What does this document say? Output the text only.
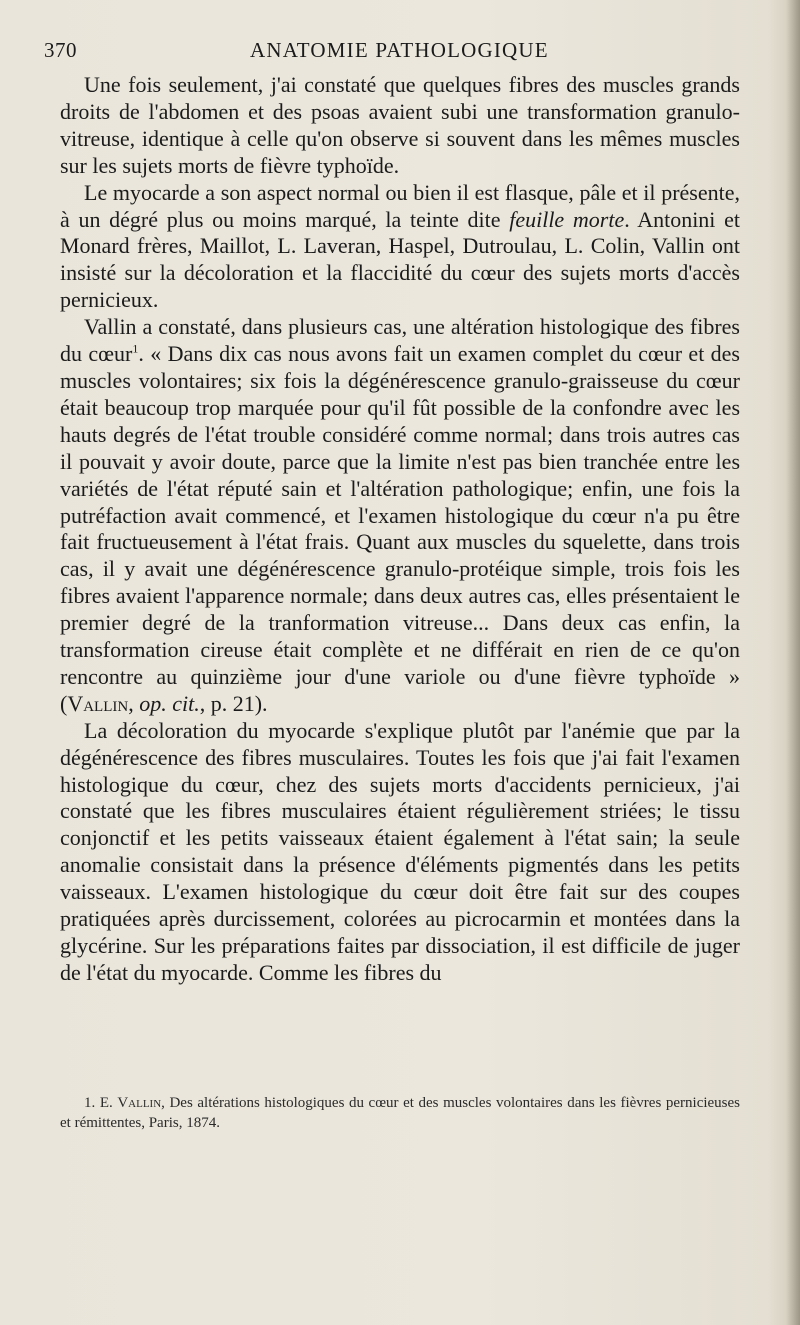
370	ANATOMIE PATHOLOGIQUE

Une fois seulement, j'ai constaté que quelques fibres des muscles grands droits de l'abdomen et des psoas avaient subi une transformation granulo-vitreuse, identique à celle qu'on observe si souvent dans les mêmes muscles sur les sujets morts de fièvre typhoïde.

Le myocarde a son aspect normal ou bien il est flasque, pâle et il présente, à un dégré plus ou moins marqué, la teinte dite feuille morte. Antonini et Monard frères, Maillot, L. Laveran, Haspel, Dutroulau, L. Colin, Vallin ont insisté sur la décoloration et la flaccidité du cœur des sujets morts d'accès pernicieux.

Vallin a constaté, dans plusieurs cas, une altération histologique des fibres du cœur$^1$. « Dans dix cas nous avons fait un examen complet du cœur et des muscles volontaires; six fois la dégénérescence granulo-graisseuse du cœur était beaucoup trop marquée pour qu'il fût possible de la confondre avec les hauts degrés de l'état trouble considéré comme normal; dans trois autres cas il pouvait y avoir doute, parce que la limite n'est pas bien tranchée entre les variétés de l'état réputé sain et l'altération pathologique; enfin, une fois la putréfaction avait commencé, et l'examen histologique du cœur n'a pu être fait fructueusement à l'état frais. Quant aux muscles du squelette, dans trois cas, il y avait une dégénérescence granulo-protéique simple, trois fois les fibres avaient l'apparence normale; dans deux autres cas, elles présentaient le premier degré de la tranformation vitreuse... Dans deux cas enfin, la transformation cireuse était complète et ne différait en rien de ce qu'on rencontre au quinzième jour d'une variole ou d'une fièvre typhoïde » (Vallin, op. cit., p. 21).

La décoloration du myocarde s'explique plutôt par l'anémie que par la dégénérescence des fibres musculaires. Toutes les fois que j'ai fait l'examen histologique du cœur, chez des sujets morts d'accidents pernicieux, j'ai constaté que les fibres musculaires étaient régulièrement striées; le tissu conjonctif et les petits vaisseaux étaient également à l'état sain; la seule anomalie consistait dans la présence d'éléments pigmentés dans les petits vaisseaux. L'examen histologique du cœur doit être fait sur des coupes pratiquées après durcissement, colorées au picrocarmin et montées dans la glycérine. Sur les préparations faites par dissociation, il est difficile de juger de l'état du myocarde. Comme les fibres du

1. E. Vallin, Des altérations histologiques du cœur et des muscles volontaires dans les fièvres pernicieuses et rémittentes, Paris, 1874.
